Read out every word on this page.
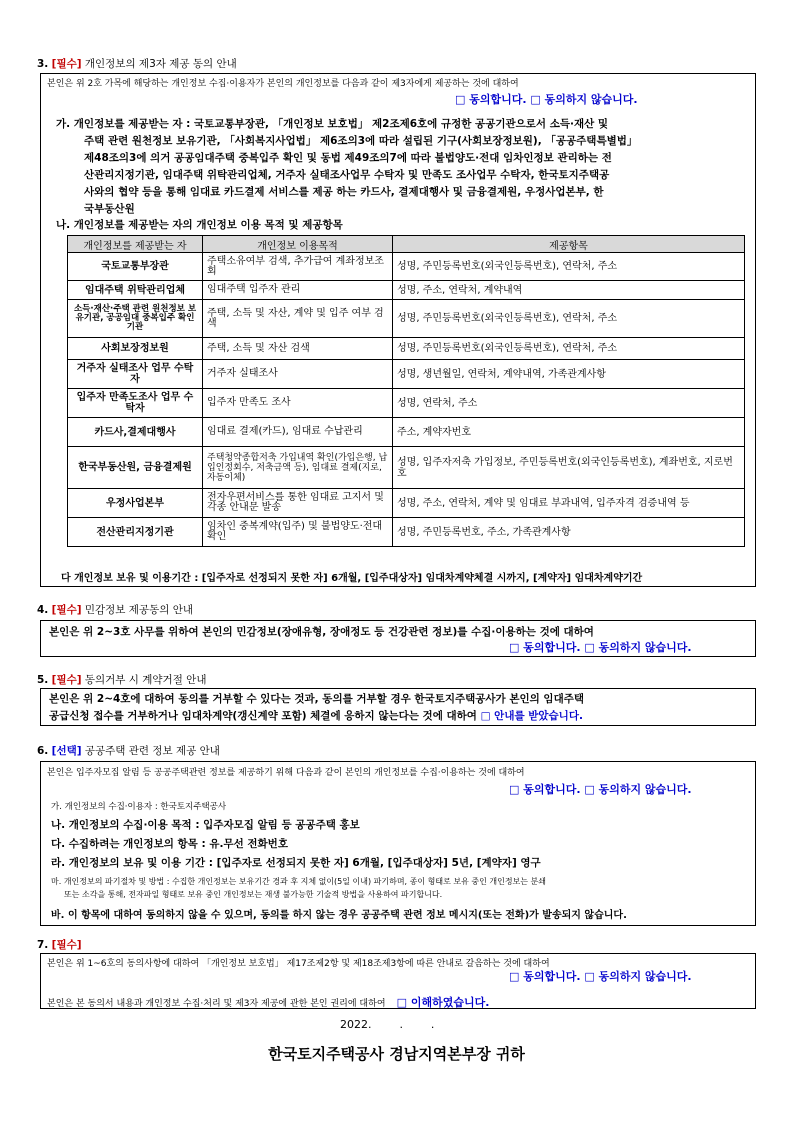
3. [필수] 개인정보의 제3자 제공 동의 안내
본인은 위 2호 가목에 해당하는 개인정보 수집·이용자가 본인의 개인정보를 다음과 같이 제3자에게 제공하는 것에 대하여
□ 동의합니다. □ 동의하지 않습니다.
가. 개인정보를 제공받는 자 : 국토교통부장관, 「개인정보 보호법」 제2조제6호에 규정한 공공기관으로서 소득·재산 및
주택 관련 원천정보 보유기관, 「사회복지사업법」 제6조의3에 따라 설립된 기구(사회보장정보원), 「공공주택특별법」
제48조의3에 의거 공공임대주택 중복입주 확인 및 동법 제49조의7에 따라 불법양도·전대 임차인정보 관리하는 전
산관리지정기관, 임대주택 위탁관리업체, 거주자 실태조사업무 수탁자 및 만족도 조사업무 수탁자, 한국토지주택공
사와의 협약 등을 통해 임대료 카드결제 서비스를 제공 하는 카드사, 결제대행사 및 금융결제원, 우정사업본부, 한
국부동산원
나. 개인정보를 제공받는 자의 개인정보 이용 목적 및 제공항목
개인정보를 제공받는 자	개인정보 이용목적	제공항목
국토교통부장관	주택소유여부 검색, 추가급여 계좌정보조회	성명, 주민등록번호(외국인등록번호), 연락처, 주소
임대주택 위탁관리업체	임대주택 입주자 관리	성명, 주소, 연락처, 계약내역
소득·재산·주택 관련 원천정보 보유기관, 공공임대 중복입주 확인기관	주택, 소득 및 자산, 계약 및 입주 여부 검색	성명, 주민등록번호(외국인등록번호), 연락처, 주소
사회보장정보원	주택, 소득 및 자산 검색	성명, 주민등록번호(외국인등록번호), 연락처, 주소
거주자 실태조사 업무 수탁자	거주자 실태조사	성명, 생년월일, 연락처, 계약내역, 가족관계사항
입주자 만족도조사 업무 수탁자	입주자 만족도 조사	성명, 연락처, 주소
카드사,결제대행사	임대료 결제(카드), 임대료 수납관리	주소, 계약자번호
한국부동산원, 금융결제원	주택청약종합저축 가입내역 확인(가입은행, 납입인정회수, 저축금액 등), 임대료 결제(지로,자동이체)	성명, 입주자저축 가입정보, 주민등록번호(외국인등록번호), 계좌번호, 지로번호
우정사업본부	전자우편서비스를 통한 임대료 고지서 및 각종 안내문 발송	성명, 주소, 연락처, 계약 및 임대료 부과내역, 입주자격 검증내역 등
전산관리지정기관	임차인 중복계약(입주) 및 불법양도·전대 확인	성명, 주민등록번호, 주소, 가족관계사항
다 개인정보 보유 및 이용기간 : [입주자로 선정되지 못한 자] 6개월, [입주대상자] 임대차계약체결 시까지, [계약자] 임대차계약기간
4. [필수] 민감정보 제공동의 안내
본인은 위 2~3호 사무를 위하여 본인의 민감정보(장애유형, 장애정도 등 건강관련 정보)를 수집·이용하는 것에 대하여
□ 동의합니다. □ 동의하지 않습니다.
5. [필수] 동의거부 시 계약거절 안내
본인은 위 2~4호에 대하여 동의를 거부할 수 있다는 것과, 동의를 거부할 경우 한국토지주택공사가 본인의 임대주택
공급신청 접수를 거부하거나 임대차계약(갱신계약 포함) 체결에 응하지 않는다는 것에 대하여 □ 안내를 받았습니다.
6. [선택] 공공주택 관련 정보 제공 안내
본인은 입주자모집 알림 등 공공주택관련 정보를 제공하기 위해 다음과 같이 본인의 개인정보를 수집·이용하는 것에 대하여
□ 동의합니다. □ 동의하지 않습니다.
가. 개인정보의 수집·이용자 : 한국토지주택공사
나. 개인정보의 수집·이용 목적 : 입주자모집 알림 등 공공주택 홍보
다. 수집하려는 개인정보의 항목 : 유.무선 전화번호
라. 개인정보의 보유 및 이용 기간 : [입주자로 선정되지 못한 자] 6개월, [입주대상자] 5년, [계약자] 영구
마. 개인정보의 파기절차 및 방법 : 수집한 개인정보는 보유기간 경과 후 지체 없이(5일 이내) 파기하며, 종이 형태로 보유 중인 개인정보는 분쇄
또는 소각을 통해, 전자파일 형태로 보유 중인 개인정보는 재생 불가능한 기술적 방법을 사용하여 파기합니다.
바. 이 항목에 대하여 동의하지 않을 수 있으며, 동의를 하지 않는 경우 공공주택 관련 정보 메시지(또는 전화)가 발송되지 않습니다.
7. [필수]
본인은 위 1~6호의 동의사항에 대하여 「개인정보 보호법」 제17조제2항 및 제18조제3항에 따른 안내로 갈음하는 것에 대하여
□ 동의합니다. □ 동의하지 않습니다.
본인은 본 동의서 내용과 개인정보 수집·처리 및 제3자 제공에 관한 본인 권리에 대하여 □ 이해하였습니다.
2022.        .        .
한국토지주택공사 경남지역본부장 귀하
